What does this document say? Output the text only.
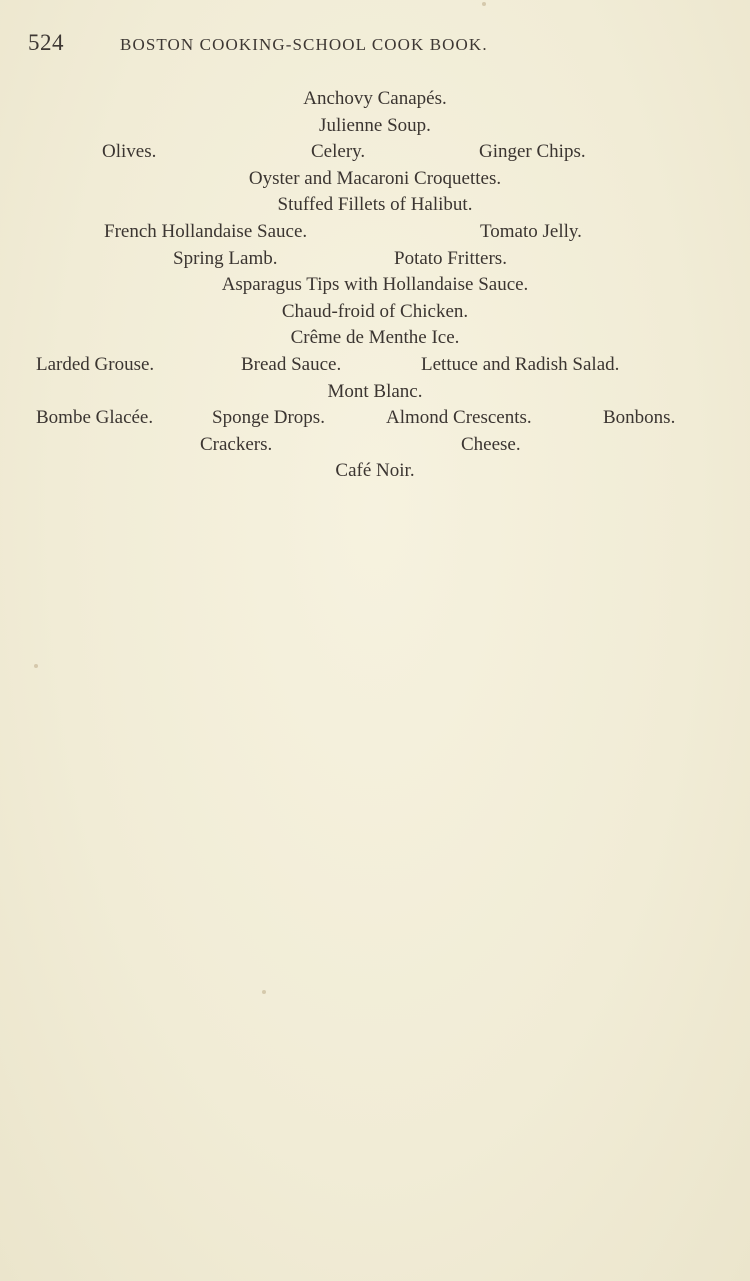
524	BOSTON COOKING-SCHOOL COOK BOOK.
Anchovy Canapés.
Julienne Soup.
Olives.	Celery.	Ginger Chips.
Oyster and Macaroni Croquettes.
Stuffed Fillets of Halibut.
French Hollandaise Sauce.	Tomato Jelly.
Spring Lamb.	Potato Fritters.
Asparagus Tips with Hollandaise Sauce.
Chaud-froid of Chicken.
Crême de Menthe Ice.
Larded Grouse.	Bread Sauce.	Lettuce and Radish Salad.
Mont Blanc.
Bombe Glacée.	Sponge Drops.	Almond Crescents.	Bonbons.
Crackers.	Cheese.
Café Noir.
